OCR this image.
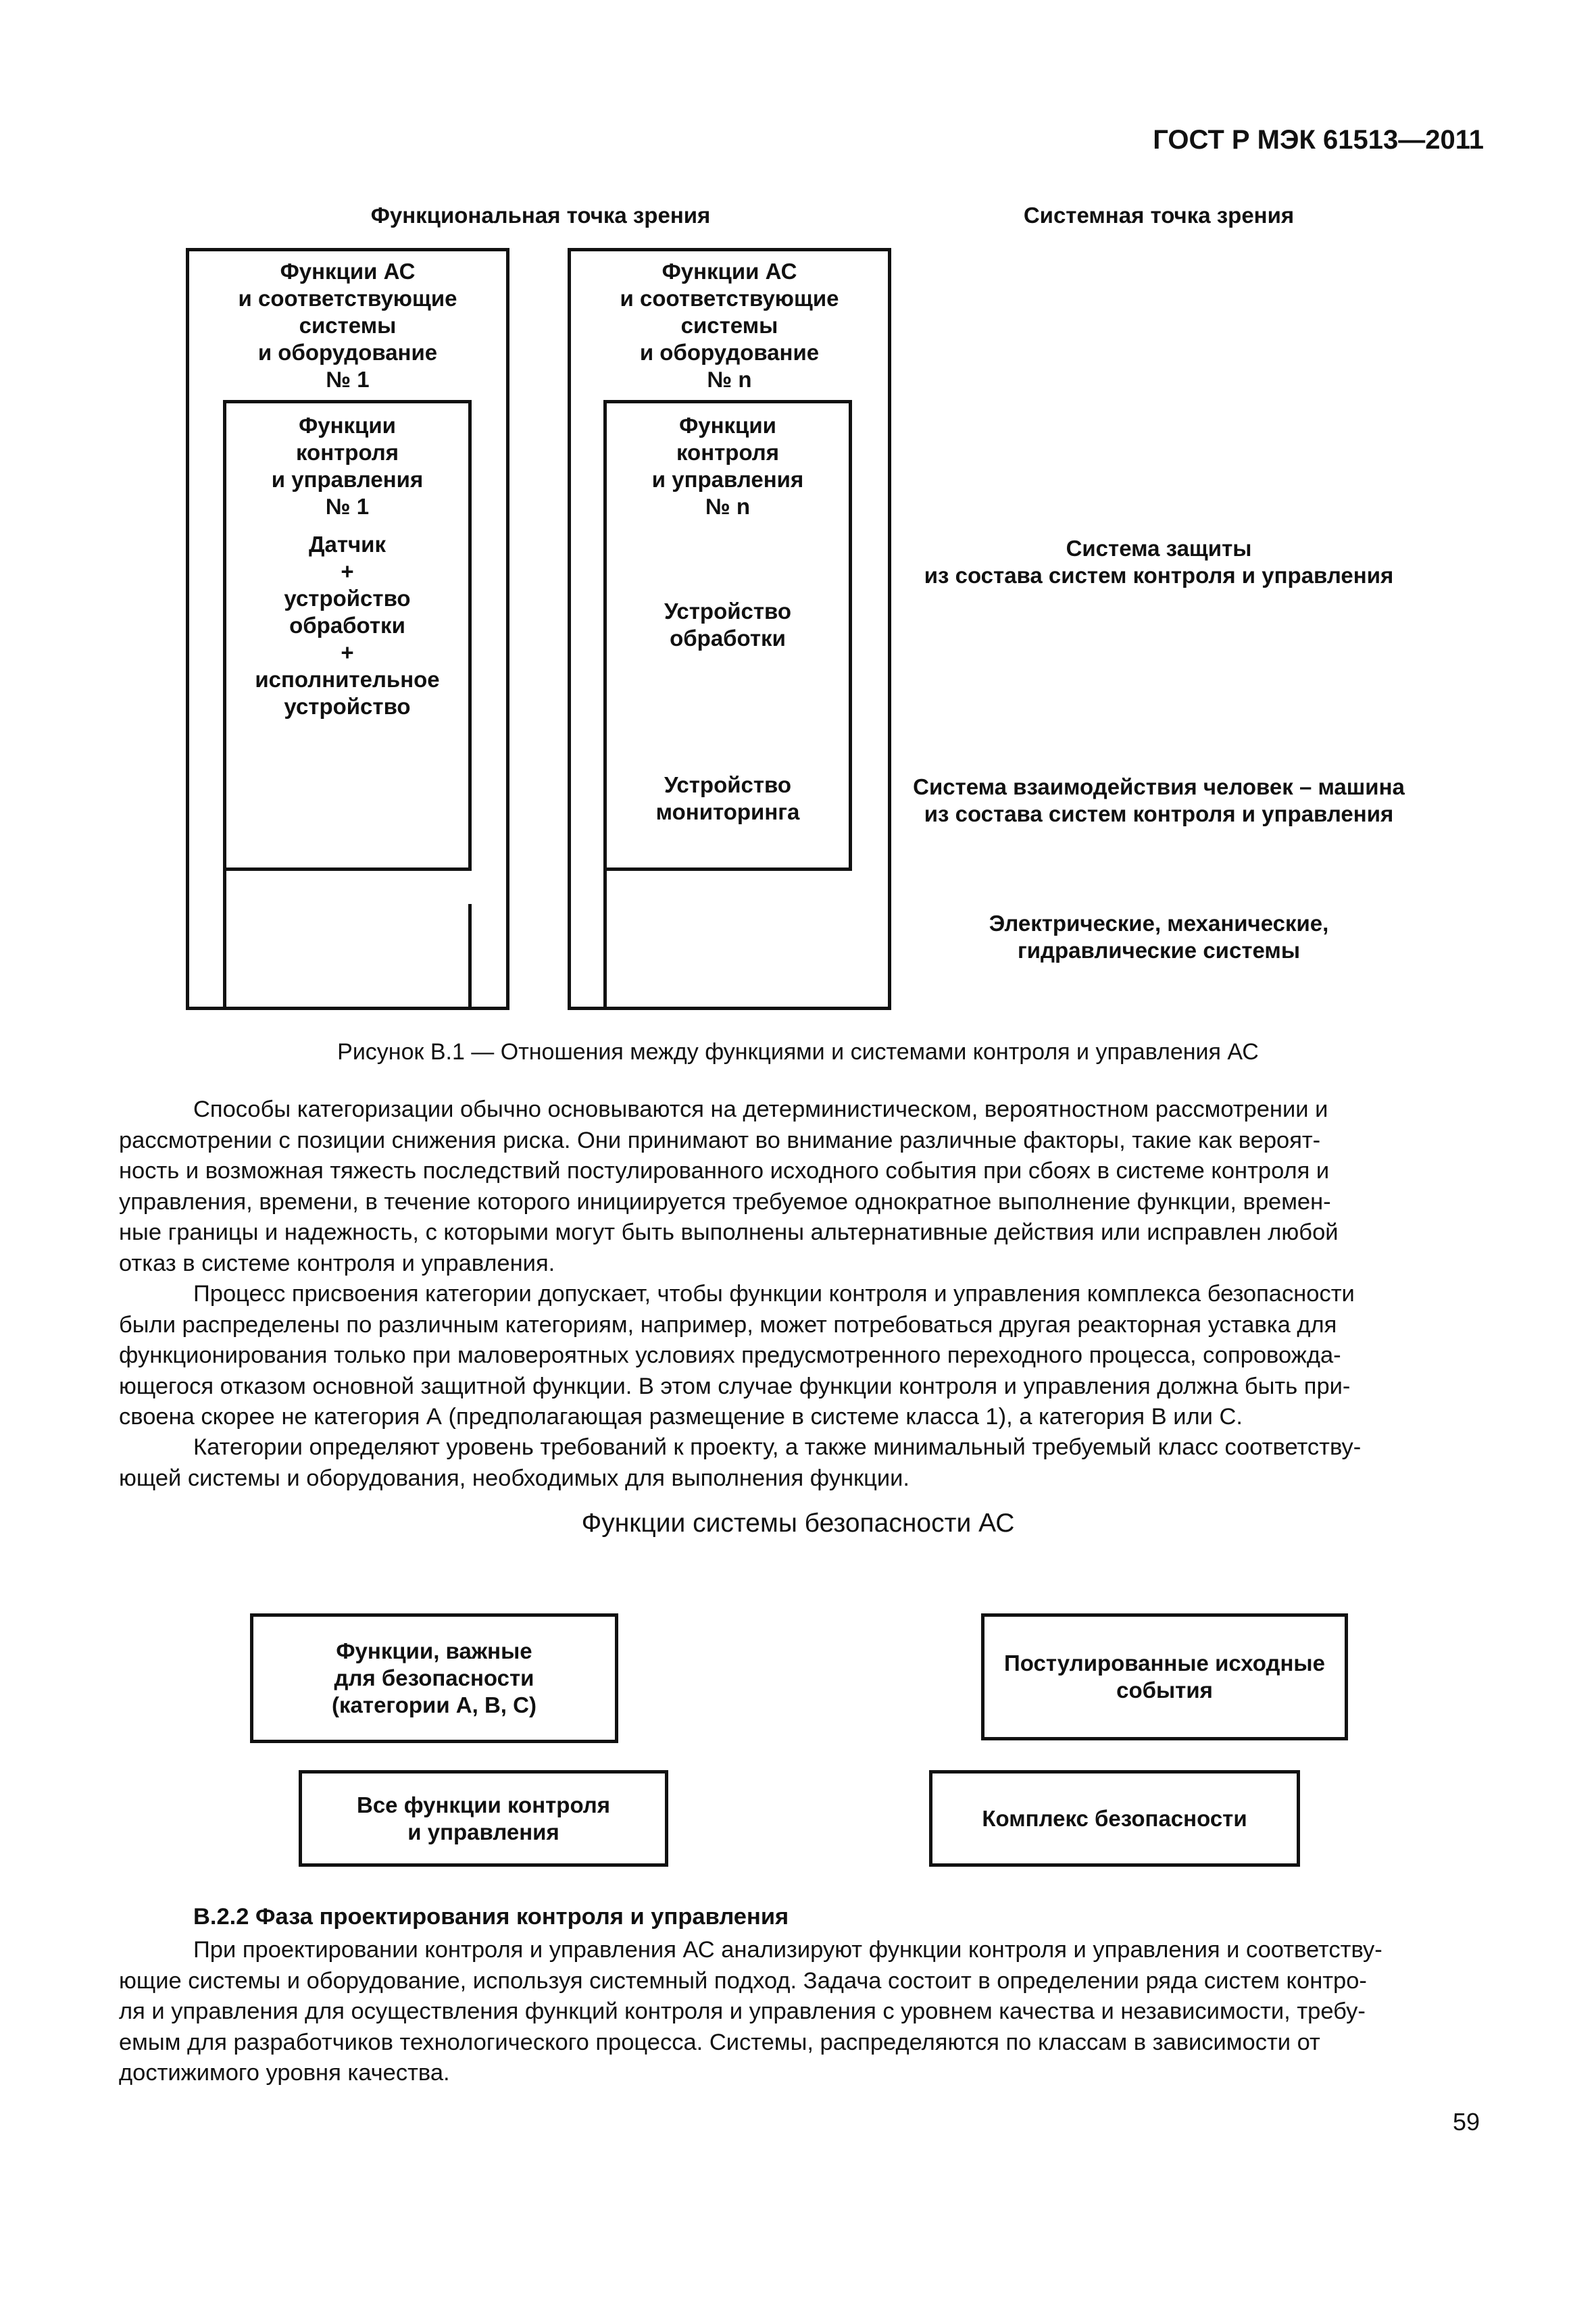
ГОСТ Р МЭК 61513—2011
Функциональная точка зрения	Системная точка зрения
Функции АС
и соответствующие
системы
и оборудование
№ 1
Функции
контроля
и управления
№ 1
Датчик
+
устройство
обработки
+
исполнительное
устройство
Функции АС
и соответствующие
системы
и оборудование
№ n
Функции
контроля
и управления
№ n
Устройство
обработки
Устройство
мониторинга
Система защиты
из состава систем контроля и управления
Система взаимодействия человек – машина
из состава систем контроля и управления
Электрические, механические,
гидравлические системы
Рисунок В.1 — Отношения между функциями и системами контроля и управления АС
Способы категоризации обычно основываются на детерминистическом, вероятностном рассмотрении и
рассмотрении с позиции снижения риска. Они принимают во внимание различные факторы, такие как вероят-
ность и возможная тяжесть последствий постулированного исходного события при сбоях в системе контроля и
управления, времени, в течение которого инициируется требуемое однократное выполнение функции, времен-
ные границы и надежность, с которыми могут быть выполнены альтернативные действия или исправлен любой
отказ в системе контроля и управления.
Процесс присвоения категории допускает, чтобы функции контроля и управления комплекса безопасности
были распределены по различным категориям, например, может потребоваться другая реакторная уставка для
функционирования только при маловероятных условиях предусмотренного переходного процесса, сопровожда-
ющегося отказом основной защитной функции. В этом случае функции контроля и управления должна быть при-
своена скорее не категория А (предполагающая размещение в системе класса 1), а категория В или С.
Категории определяют уровень требований к проекту, а также минимальный требуемый класс соответству-
ющей системы и оборудования, необходимых для выполнения функции.
Функции системы безопасности АС
Функции, важные
для безопасности
(категории А, В, С)
Постулированные исходные
события
Все функции контроля
и управления
Комплекс безопасности
В.2.2 Фаза проектирования контроля и управления
При проектировании контроля и управления АС анализируют функции контроля и управления и соответству-
ющие системы и оборудование, используя системный подход. Задача состоит в определении ряда систем контро-
ля и управления для осуществления функций контроля и управления с уровнем качества и независимости, требу-
емым для разработчиков технологического процесса. Системы, распределяются по классам в зависимости от
достижимого уровня качества.
59
